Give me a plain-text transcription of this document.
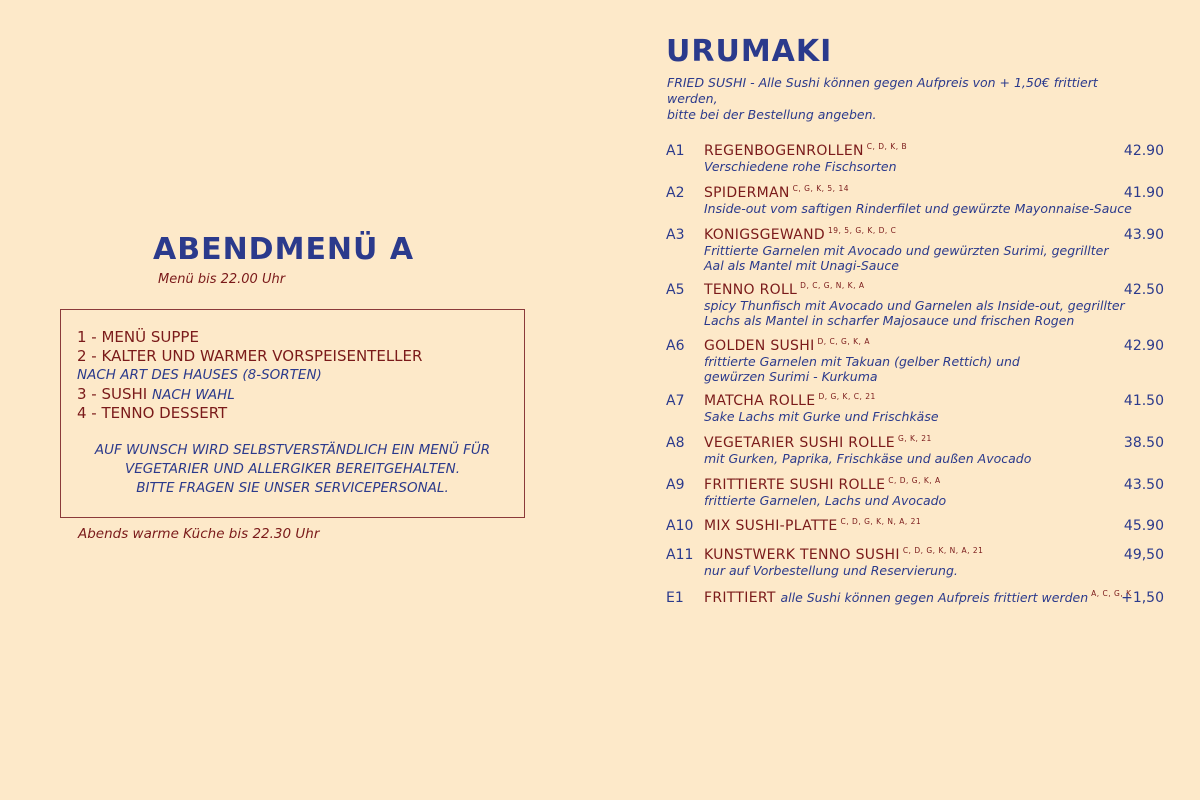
ABENDMENÜ A
Menü bis 22.00 Uhr
1 - MENÜ SUPPE
2 - KALTER UND WARMER VORSPEISENTELLER
NACH ART DES HAUSES (8-SORTEN)
3 - SUSHI NACH WAHL
4 - TENNO DESSERT
AUF WUNSCH WIRD SELBSTVERSTÄNDLICH EIN MENÜ FÜR
VEGETARIER UND ALLERGIKER BEREITGEHALTEN.
BITTE FRAGEN SIE UNSER SERVICEPERSONAL.
Abends warme Küche bis 22.30 Uhr
URUMAKI
FRIED SUSHI - Alle Sushi können gegen Aufpreis von + 1,50€ frittiert werden,
bitte bei der Bestellung angeben.
A1 REGENBOGENROLLEN $^{C, D, K, B}$
Verschiedene rohe Fischsorten
42.90
A2 SPIDERMAN $^{C, G, K, 5, 14}$
Inside-out vom saftigen Rinderfilet und gewürzte Mayonnaise-Sauce
41.90
A3 KONIGSGEWAND $^{19, 5, G, K, D, C}$
Frittierte Garnelen mit Avocado und gewürzten Surimi, gegrillter Aal als Mantel mit Unagi-Sauce
43.90
A5 TENNO ROLL $^{D, C, G, N, K, A}$
spicy Thunfisch mit Avocado und Garnelen als Inside-out, gegrillter Lachs als Mantel in scharfer Majosauce und frischen Rogen
42.50
A6 GOLDEN SUSHI $^{D, C, G, K, A}$
frittierte Garnelen mit Takuan (gelber Rettich) und gewürzen Surimi - Kurkuma
42.90
A7 MATCHA ROLLE $^{D, G, K, C, 21}$
Sake Lachs mit Gurke und Frischkäse
41.50
A8 VEGETARIER SUSHI ROLLE $^{G, K, 21}$
mit Gurken, Paprika, Frischkäse und außen Avocado
38.50
A9 FRITTIERTE SUSHI ROLLE $^{C, D, G, K, A}$
frittierte Garnelen, Lachs und Avocado
43.50
A10 MIX SUSHI-PLATTE $^{C, D, G, K, N, A, 21}$	45.90
A11 KUNSTWERK TENNO SUSHI $^{C, D, G, K, N, A, 21}$
nur auf Vorbestellung und Reservierung.
49,50
E1 FRITTIERT alle Sushi können gegen Aufpreis frittiert werden $^{A, C, G, K}$
+1,50
